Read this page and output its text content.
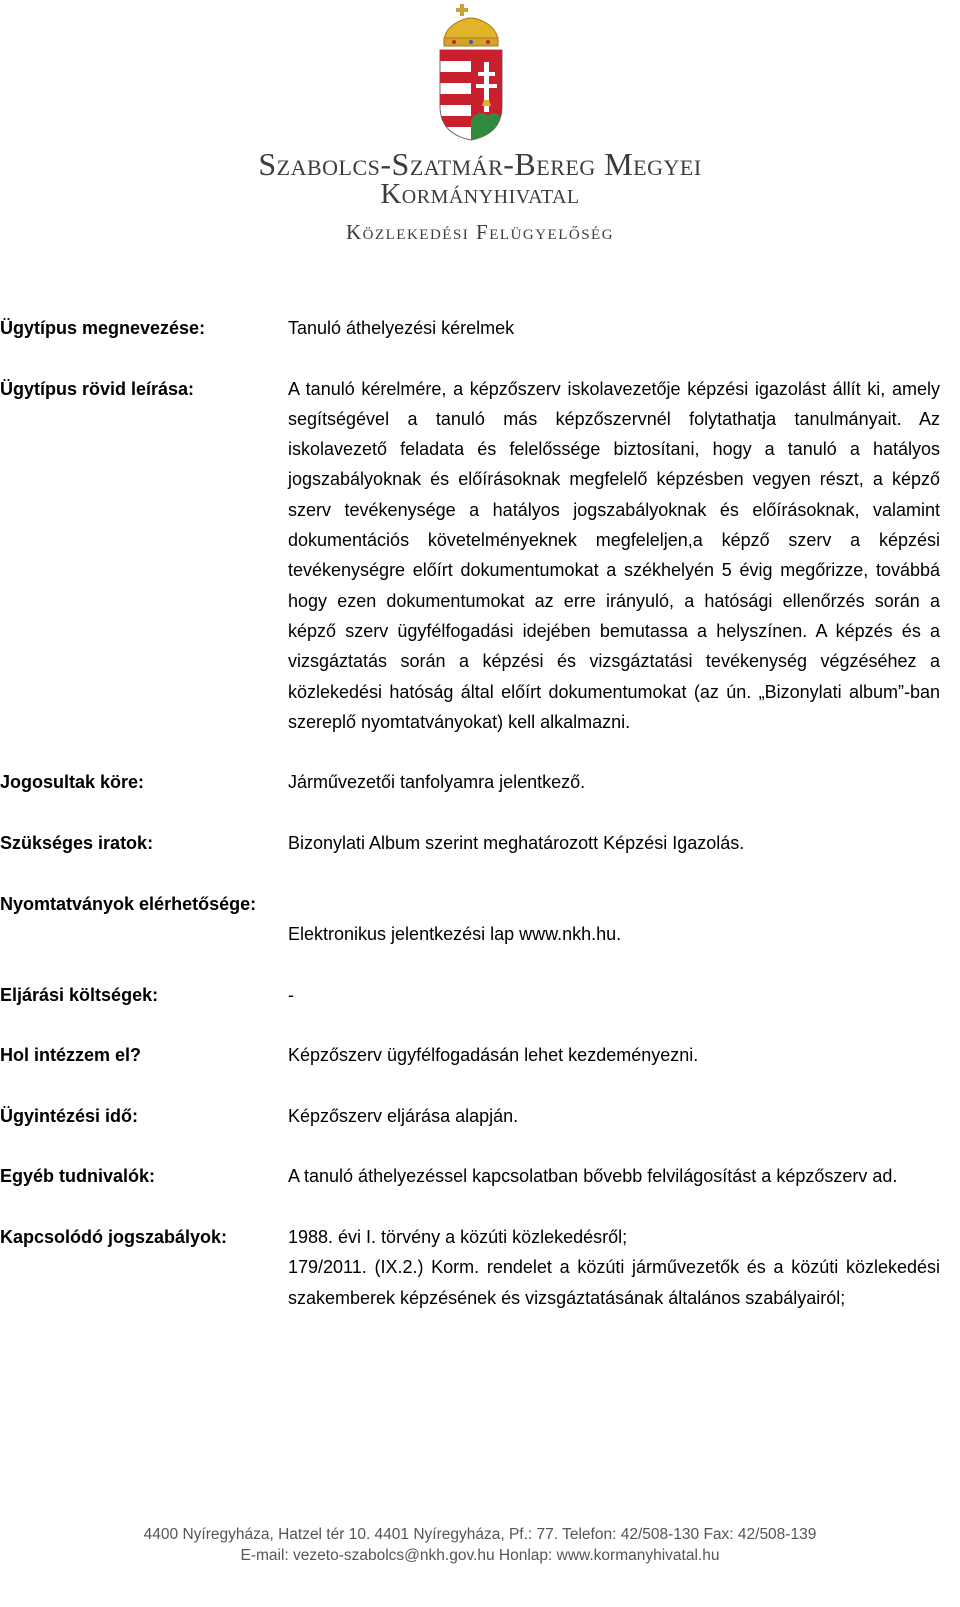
Szabolcs-Szatmár-Bereg Megyei
Kormányhivatal
Közlekedési Felügyelőség
Ügytípus megnevezése:	Tanuló áthelyezési kérelmek
Ügytípus rövid leírása:	A tanuló kérelmére, a képzőszerv iskolavezetője képzési igazolást állít ki, amely segítségével a tanuló más képzőszervnél folytathatja tanulmányait. Az iskolavezető feladata és felelőssége biztosítani, hogy a tanuló a hatályos jogszabályoknak és előírásoknak megfelelő képzésben vegyen részt, a képző szerv tevékenysége a hatályos jogszabályoknak és előírásoknak, valamint dokumentációs követelményeknek megfeleljen,a képző szerv a képzési tevékenységre előírt dokumentumokat a székhelyén 5 évig megőrizze, továbbá hogy ezen dokumentumokat az erre irányuló, a hatósági ellenőrzés során a képző szerv ügyfélfogadási idejében bemutassa a helyszínen. A képzés és a vizsgáztatás során a képzési és vizsgáztatási tevékenység végzéséhez a közlekedési hatóság által előírt dokumentumokat (az ún. „Bizonylati album”-ban szereplő nyomtatványokat) kell alkalmazni.
Jogosultak köre:	Járművezetői tanfolyamra jelentkező.
Szükséges iratok:	Bizonylati Album szerint meghatározott Képzési Igazolás.
Nyomtatványok elérhetősége:
Elektronikus jelentkezési lap www.nkh.hu.
Eljárási költségek:	-
Hol intézzem el?	Képzőszerv ügyfélfogadásán lehet kezdeményezni.
Ügyintézési idő:	Képzőszerv eljárása alapján.
Egyéb tudnivalók:	A tanuló áthelyezéssel kapcsolatban bővebb felvilágosítást a képzőszerv ad.
Kapcsolódó jogszabályok:	1988. évi I. törvény a közúti közlekedésről;
179/2011. (IX.2.) Korm. rendelet a közúti járművezetők és a közúti közlekedési szakemberek képzésének és vizsgáztatásának általános szabályairól;
4400 Nyíregyháza, Hatzel tér 10. 4401 Nyíregyháza, Pf.: 77. Telefon: 42/508-130 Fax: 42/508-139
E-mail: vezeto-szabolcs@nkh.gov.hu Honlap: www.kormanyhivatal.hu
